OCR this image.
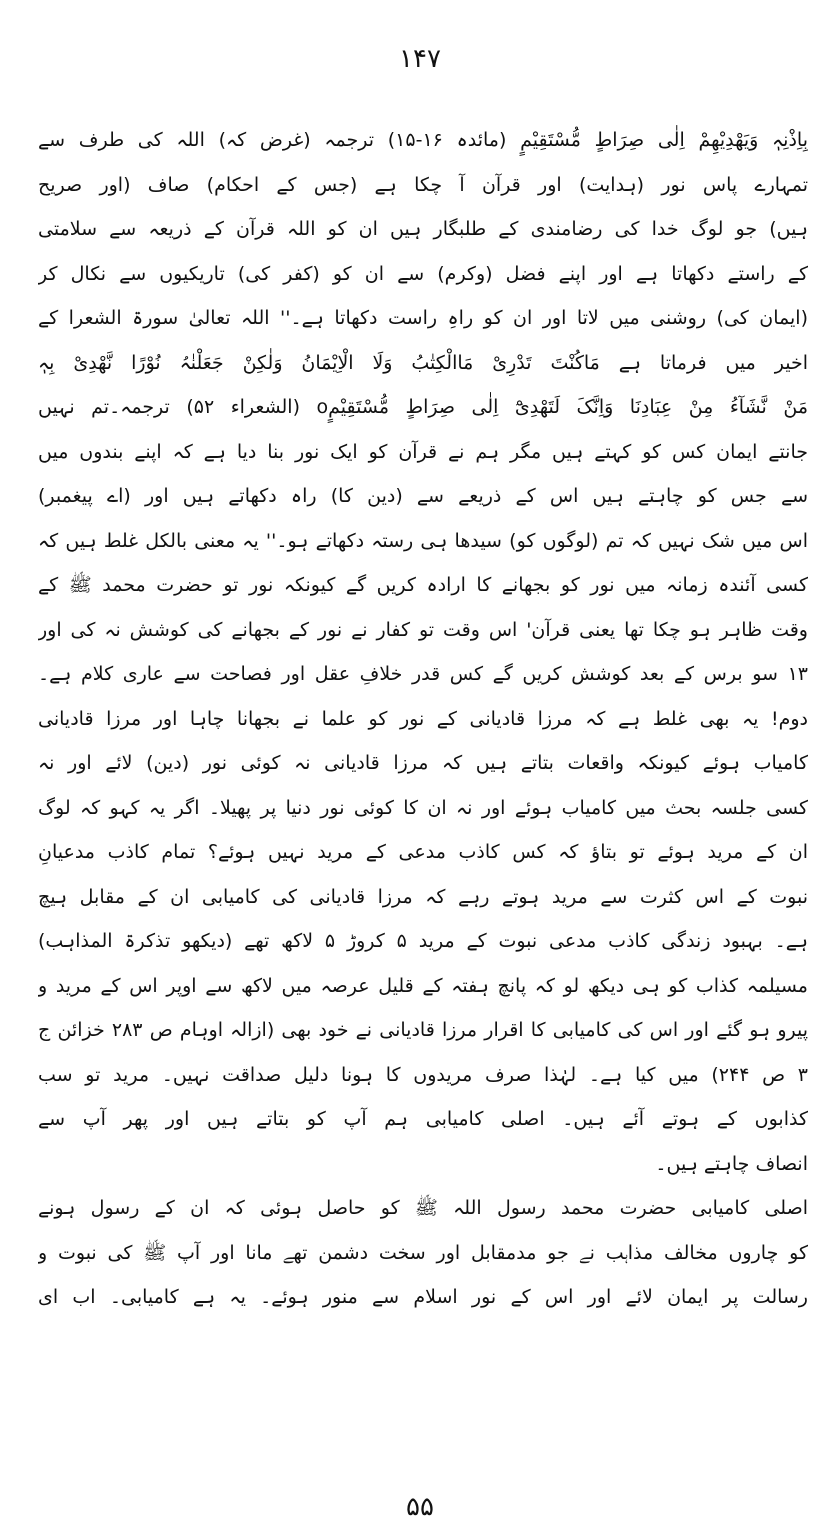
۱۴۷
بِاِذْنِہٖ وَیَھْدِیْھِمْ اِلٰی صِرَاطٍ مُّسْتَقِیْمٍ (مائدہ ۱۶-۱۵) ترجمہ (غرض کہ) اللہ کی طرف سے
تمہارے پاس نور (ہدایت) اور قرآن آ چکا ہے (جس کے احکام) صاف (اور صریح
ہیں) جو لوگ خدا کی رضامندی کے طلبگار ہیں ان کو اللہ قرآن کے ذریعہ سے سلامتی
کے راستے دکھاتا ہے اور اپنے فضل (وکرم) سے ان کو (کفر کی) تاریکیوں سے نکال کر
(ایمان کی) روشنی میں لاتا اور ان کو راہِ راست دکھاتا ہے۔'' اللہ تعالیٰ سورۃ الشعرا کے
اخیر میں فرماتا ہے مَاکُنْتَ تَدْرِیْ مَاالْکِتٰبُ وَلَا الْاِیْمَانُ وَلٰکِنْ جَعَلْنٰہُ نُوْرًا نَّھْدِیْ بِہٖ
مَنْ نَّشَآءُ مِنْ عِبَادِنَا وَاِنَّکَ لَتَھْدِیْٓ اِلٰی صِرَاطٍ مُّسْتَقِیْمٍo (الشعراء ۵۲) ترجمہ۔تم نہیں
جانتے ایمان کس کو کہتے ہیں مگر ہم نے قرآن کو ایک نور بنا دیا ہے کہ اپنے بندوں میں
سے جس کو چاہتے ہیں اس کے ذریعے سے (دین کا) راہ دکھاتے ہیں اور (اے پیغمبر)
اس میں شک نہیں کہ تم (لوگوں کو) سیدھا ہی رستہ دکھاتے ہو۔'' یہ معنی بالکل غلط ہیں کہ
کسی آئندہ زمانہ میں نور کو بجھانے کا ارادہ کریں گے کیونکہ نور تو حضرت محمد ﷺ کے
وقت ظاہر ہو چکا تھا یعنی قرآن' اس وقت تو کفار نے نور کے بجھانے کی کوشش نہ کی اور
۱۳ سو برس کے بعد کوشش کریں گے کس قدر خلافِ عقل اور فصاحت سے عاری کلام ہے۔
دوم! یہ بھی غلط ہے کہ مرزا قادیانی کے نور کو علما نے بجھانا چاہا اور مرزا قادیانی
کامیاب ہوئے کیونکہ واقعات بتاتے ہیں کہ مرزا قادیانی نہ کوئی نور (دین) لائے اور نہ
کسی جلسہ بحث میں کامیاب ہوئے اور نہ ان کا کوئی نور دنیا پر پھیلا۔ اگر یہ کہو کہ لوگ
ان کے مرید ہوئے تو بتاؤ کہ کس کاذب مدعی کے مرید نہیں ہوئے؟ تمام کاذب مدعیانِ
نبوت کے اس کثرت سے مرید ہوتے رہے کہ مرزا قادیانی کی کامیابی ان کے مقابل ہیچ
ہے۔ بہبود زندگی کاذب مدعی نبوت کے مرید ۵ کروڑ ۵ لاکھ تھے (دیکھو تذکرۃ المذاہب)
مسیلمہ کذاب کو ہی دیکھ لو کہ پانچ ہفتہ کے قلیل عرصہ میں لاکھ سے اوپر اس کے مرید و
پیرو ہو گئے اور اس کی کامیابی کا اقرار مرزا قادیانی نے خود بھی (ازالہ اوہام ص ۲۸۳ خزائن ج
۳ ص ۲۴۴) میں کیا ہے۔ لہٰذا صرف مریدوں کا ہونا دلیل صداقت نہیں۔ مرید تو سب
کذابوں کے ہوتے آئے ہیں۔ اصلی کامیابی ہم آپ کو بتاتے ہیں اور پھر آپ سے
انصاف چاہتے ہیں۔
اصلی کامیابی حضرت محمد رسول اللہ ﷺ کو حاصل ہوئی کہ ان کے رسول ہونے
کو چاروں مخالف مذاہب نے جو مدمقابل اور سخت دشمن تھے مانا اور آپ ﷺ کی نبوت و
رسالت پر ایمان لائے اور اس کے نور اسلام سے منور ہوئے۔ یہ ہے کامیابی۔ اب ای
۵۵
